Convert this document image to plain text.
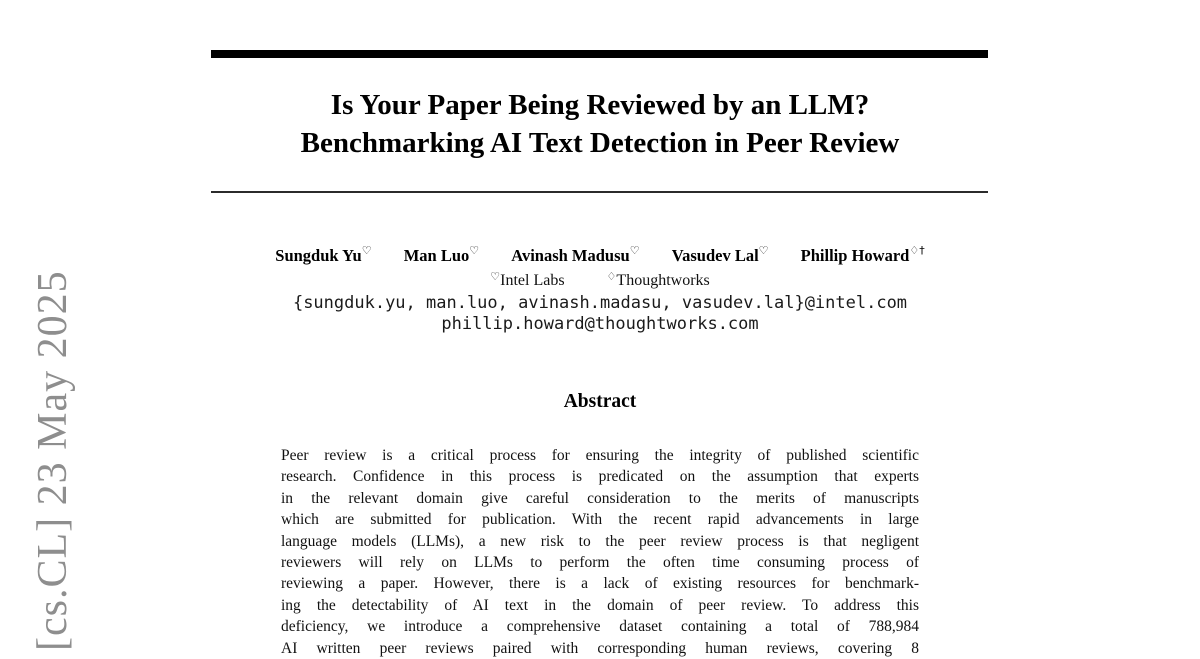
[cs.CL] 23 May 2025
Is Your Paper Being Reviewed by an LLM?
Benchmarking AI Text Detection in Peer Review
Sungduk Yu♡ Man Luo♡ Avinash Madusu♡ Vasudev Lal♡ Phillip Howard♢†
♡Intel Labs	♢Thoughtworks
{sungduk.yu, man.luo, avinash.madasu, vasudev.lal}@intel.com
phillip.howard@thoughtworks.com
Abstract
Peer review is a critical process for ensuring the integrity of published scientific
research. Confidence in this process is predicated on the assumption that experts
in the relevant domain give careful consideration to the merits of manuscripts
which are submitted for publication. With the recent rapid advancements in large
language models (LLMs), a new risk to the peer review process is that negligent
reviewers will rely on LLMs to perform the often time consuming process of
reviewing a paper. However, there is a lack of existing resources for benchmark-
ing the detectability of AI text in the domain of peer review. To address this
deficiency, we introduce a comprehensive dataset containing a total of 788,984
AI written peer reviews paired with corresponding human reviews, covering 8
